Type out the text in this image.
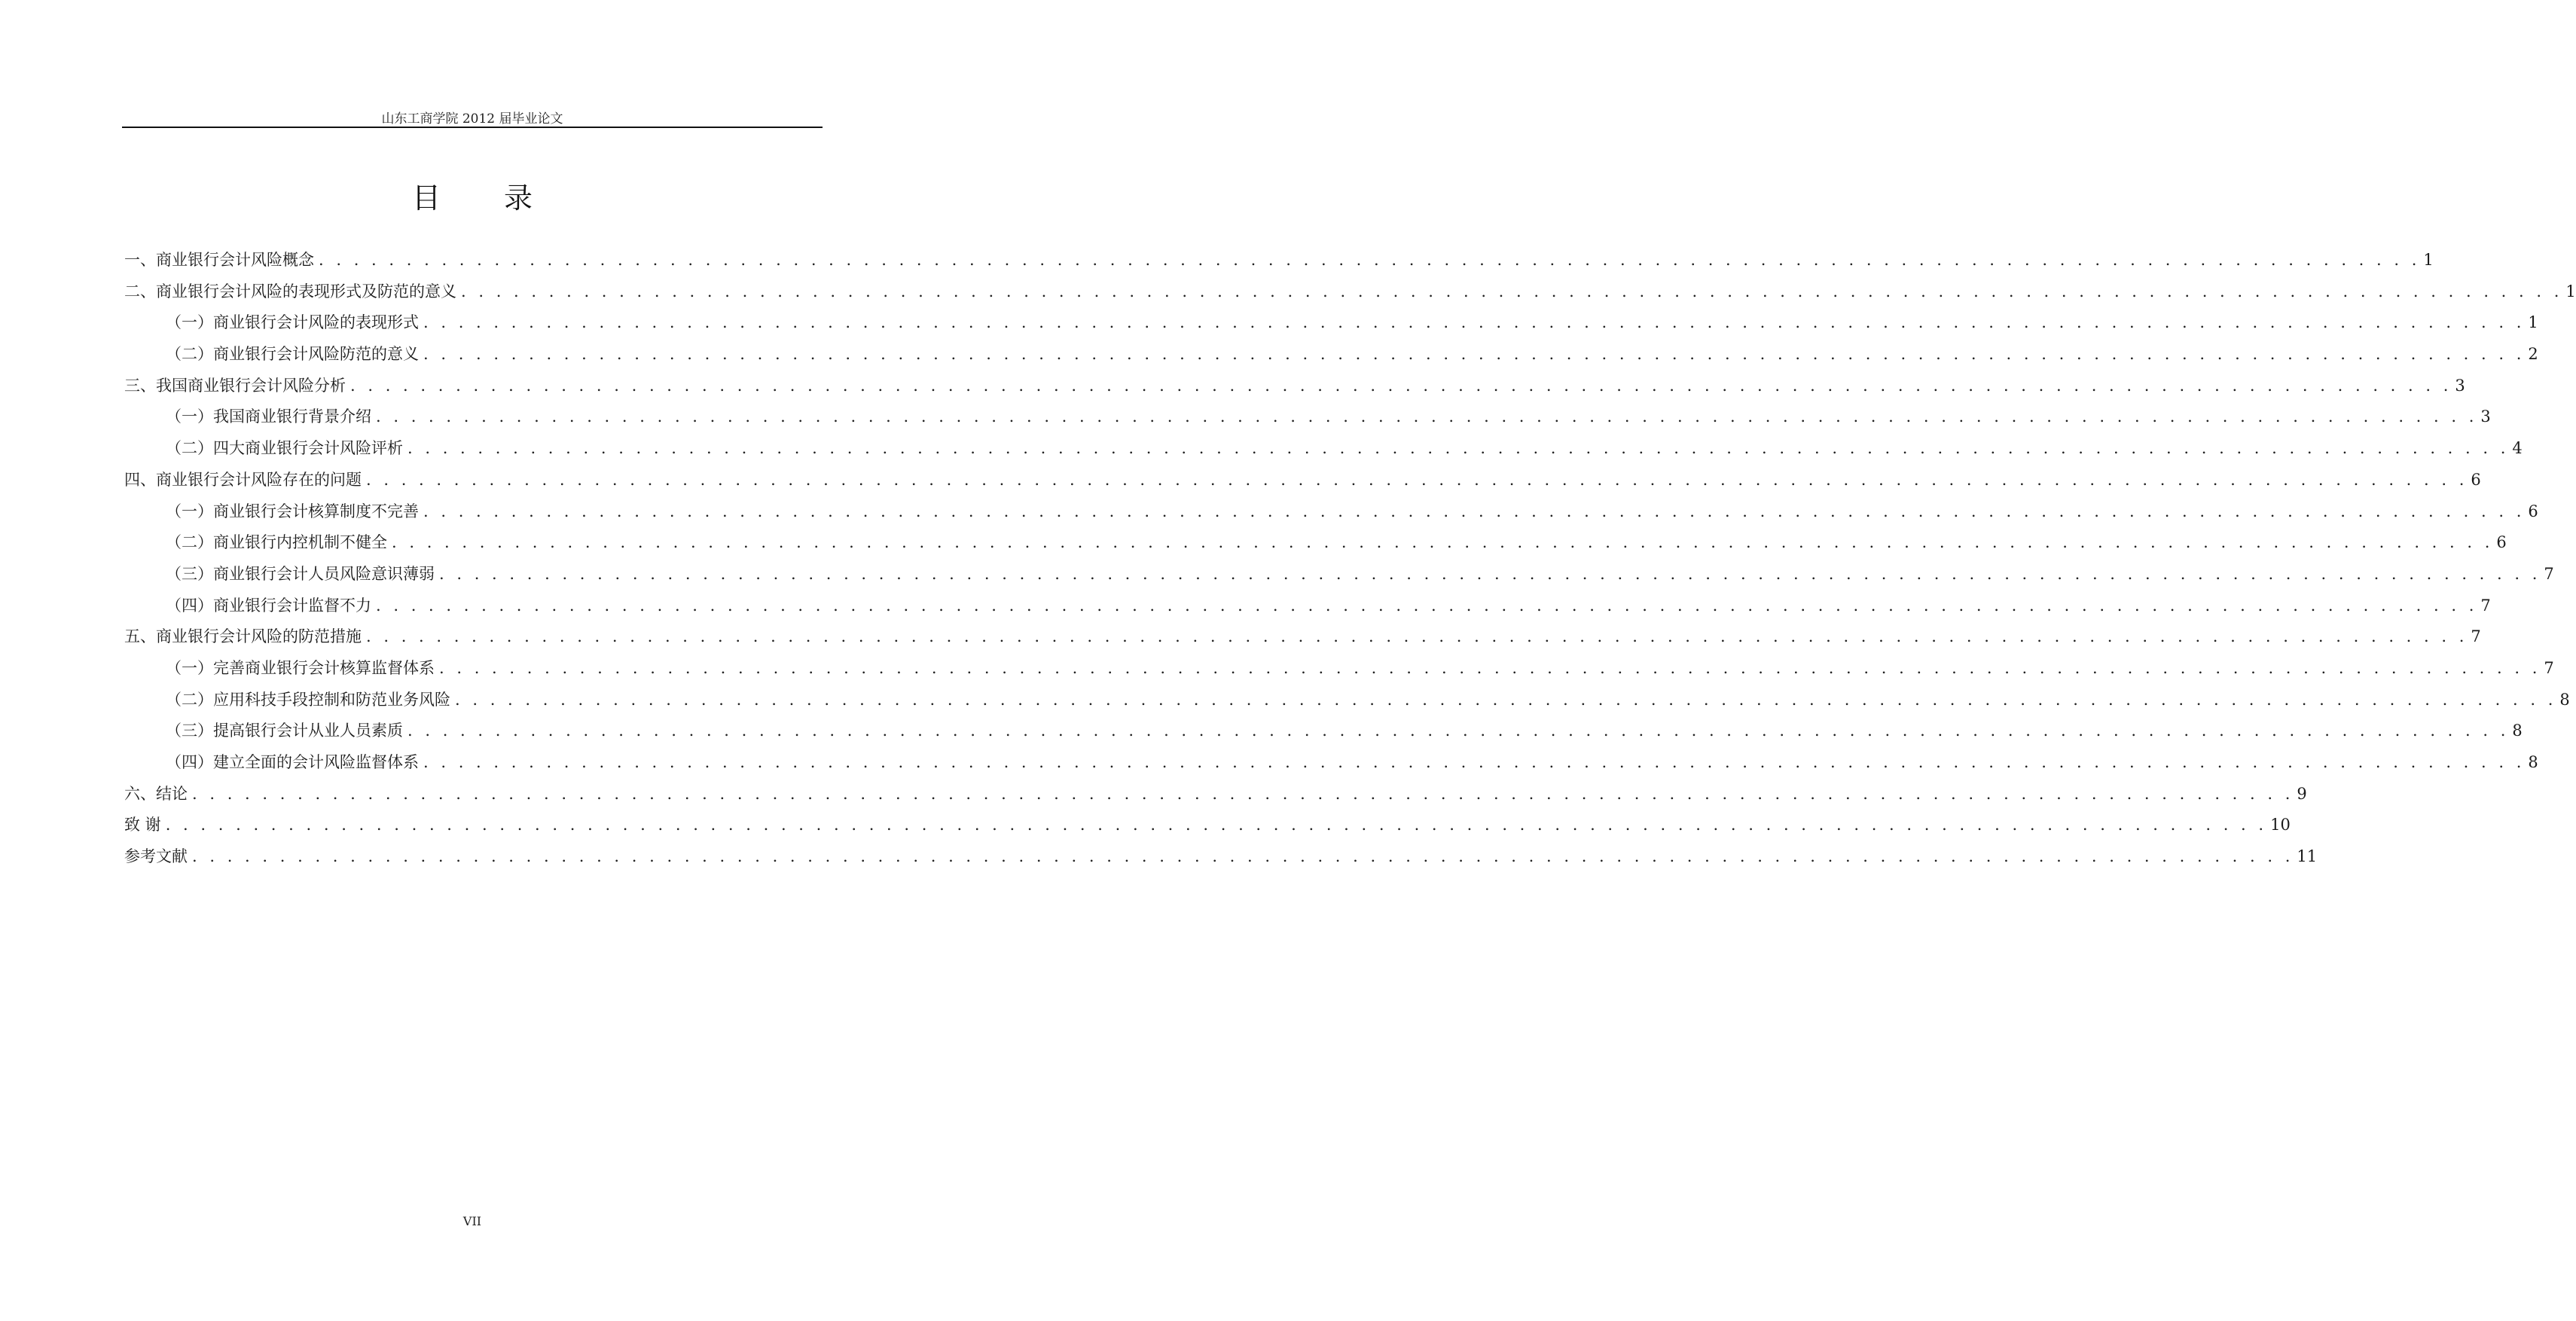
山东工商学院 2012 届毕业论文
目 录
一、商业银行会计风险概念 . . . . . . . . . . . . . . . . . . . . . . . . . . . . . . . . . . . . . . . . . . . . . . . . . . . . . . . . . . . . . . . . . . . . . . . . . . . . . . . . . . . . . . . . . . . . . . . . . . . . . . . . . . . . . . . . . . . . . . . . 1
二、商业银行会计风险的表现形式及防范的意义 . . . . . . . . . . . . . . . . . . . . . . . . . . . . . . . . . . . . . . . . . . . . . . . . . . . . . . . . . . . . . . . . . . . . . . . . . . . . . . . . . . . . . . . . . . . . . . . . . . . . . . . . . . . . . . . . . . . . . . . . 1
（一）商业银行会计风险的表现形式 . . . . . . . . . . . . . . . . . . . . . . . . . . . . . . . . . . . . . . . . . . . . . . . . . . . . . . . . . . . . . . . . . . . . . . . . . . . . . . . . . . . . . . . . . . . . . . . . . . . . . . . . . . . . . . . . . . . . . . . . 1
（二）商业银行会计风险防范的意义 . . . . . . . . . . . . . . . . . . . . . . . . . . . . . . . . . . . . . . . . . . . . . . . . . . . . . . . . . . . . . . . . . . . . . . . . . . . . . . . . . . . . . . . . . . . . . . . . . . . . . . . . . . . . . . . . . . . . . . . . 2
三、我国商业银行会计风险分析 . . . . . . . . . . . . . . . . . . . . . . . . . . . . . . . . . . . . . . . . . . . . . . . . . . . . . . . . . . . . . . . . . . . . . . . . . . . . . . . . . . . . . . . . . . . . . . . . . . . . . . . . . . . . . . . . . . . . . . . . 3
（一）我国商业银行背景介绍 . . . . . . . . . . . . . . . . . . . . . . . . . . . . . . . . . . . . . . . . . . . . . . . . . . . . . . . . . . . . . . . . . . . . . . . . . . . . . . . . . . . . . . . . . . . . . . . . . . . . . . . . . . . . . . . . . . . . . . . . 3
（二）四大商业银行会计风险评析 . . . . . . . . . . . . . . . . . . . . . . . . . . . . . . . . . . . . . . . . . . . . . . . . . . . . . . . . . . . . . . . . . . . . . . . . . . . . . . . . . . . . . . . . . . . . . . . . . . . . . . . . . . . . . . . . . . . . . . . . 4
四、商业银行会计风险存在的问题 . . . . . . . . . . . . . . . . . . . . . . . . . . . . . . . . . . . . . . . . . . . . . . . . . . . . . . . . . . . . . . . . . . . . . . . . . . . . . . . . . . . . . . . . . . . . . . . . . . . . . . . . . . . . . . . . . . . . . . . . 6
（一）商业银行会计核算制度不完善 . . . . . . . . . . . . . . . . . . . . . . . . . . . . . . . . . . . . . . . . . . . . . . . . . . . . . . . . . . . . . . . . . . . . . . . . . . . . . . . . . . . . . . . . . . . . . . . . . . . . . . . . . . . . . . . . . . . . . . . . 6
（二）商业银行内控机制不健全 . . . . . . . . . . . . . . . . . . . . . . . . . . . . . . . . . . . . . . . . . . . . . . . . . . . . . . . . . . . . . . . . . . . . . . . . . . . . . . . . . . . . . . . . . . . . . . . . . . . . . . . . . . . . . . . . . . . . . . . . 6
（三）商业银行会计人员风险意识薄弱 . . . . . . . . . . . . . . . . . . . . . . . . . . . . . . . . . . . . . . . . . . . . . . . . . . . . . . . . . . . . . . . . . . . . . . . . . . . . . . . . . . . . . . . . . . . . . . . . . . . . . . . . . . . . . . . . . . . . . . . . 7
（四）商业银行会计监督不力 . . . . . . . . . . . . . . . . . . . . . . . . . . . . . . . . . . . . . . . . . . . . . . . . . . . . . . . . . . . . . . . . . . . . . . . . . . . . . . . . . . . . . . . . . . . . . . . . . . . . . . . . . . . . . . . . . . . . . . . . 7
五、商业银行会计风险的防范措施 . . . . . . . . . . . . . . . . . . . . . . . . . . . . . . . . . . . . . . . . . . . . . . . . . . . . . . . . . . . . . . . . . . . . . . . . . . . . . . . . . . . . . . . . . . . . . . . . . . . . . . . . . . . . . . . . . . . . . . . . 7
（一）完善商业银行会计核算监督体系 . . . . . . . . . . . . . . . . . . . . . . . . . . . . . . . . . . . . . . . . . . . . . . . . . . . . . . . . . . . . . . . . . . . . . . . . . . . . . . . . . . . . . . . . . . . . . . . . . . . . . . . . . . . . . . . . . . . . . . . . 7
（二）应用科技手段控制和防范业务风险 . . . . . . . . . . . . . . . . . . . . . . . . . . . . . . . . . . . . . . . . . . . . . . . . . . . . . . . . . . . . . . . . . . . . . . . . . . . . . . . . . . . . . . . . . . . . . . . . . . . . . . . . . . . . . . . . . . . . . . . . 8
（三）提高银行会计从业人员素质 . . . . . . . . . . . . . . . . . . . . . . . . . . . . . . . . . . . . . . . . . . . . . . . . . . . . . . . . . . . . . . . . . . . . . . . . . . . . . . . . . . . . . . . . . . . . . . . . . . . . . . . . . . . . . . . . . . . . . . . . 8
（四）建立全面的会计风险监督体系 . . . . . . . . . . . . . . . . . . . . . . . . . . . . . . . . . . . . . . . . . . . . . . . . . . . . . . . . . . . . . . . . . . . . . . . . . . . . . . . . . . . . . . . . . . . . . . . . . . . . . . . . . . . . . . . . . . . . . . . . 8
六、结论 . . . . . . . . . . . . . . . . . . . . . . . . . . . . . . . . . . . . . . . . . . . . . . . . . . . . . . . . . . . . . . . . . . . . . . . . . . . . . . . . . . . . . . . . . . . . . . . . . . . . . . . . . . . . . . . . . . . . . . . . 9
致 谢 . . . . . . . . . . . . . . . . . . . . . . . . . . . . . . . . . . . . . . . . . . . . . . . . . . . . . . . . . . . . . . . . . . . . . . . . . . . . . . . . . . . . . . . . . . . . . . . . . . . . . . . . . . . . . . . . . . . . . . . . 10
参考文献 . . . . . . . . . . . . . . . . . . . . . . . . . . . . . . . . . . . . . . . . . . . . . . . . . . . . . . . . . . . . . . . . . . . . . . . . . . . . . . . . . . . . . . . . . . . . . . . . . . . . . . . . . . . . . . . . . . . . . . . . 11
VII
